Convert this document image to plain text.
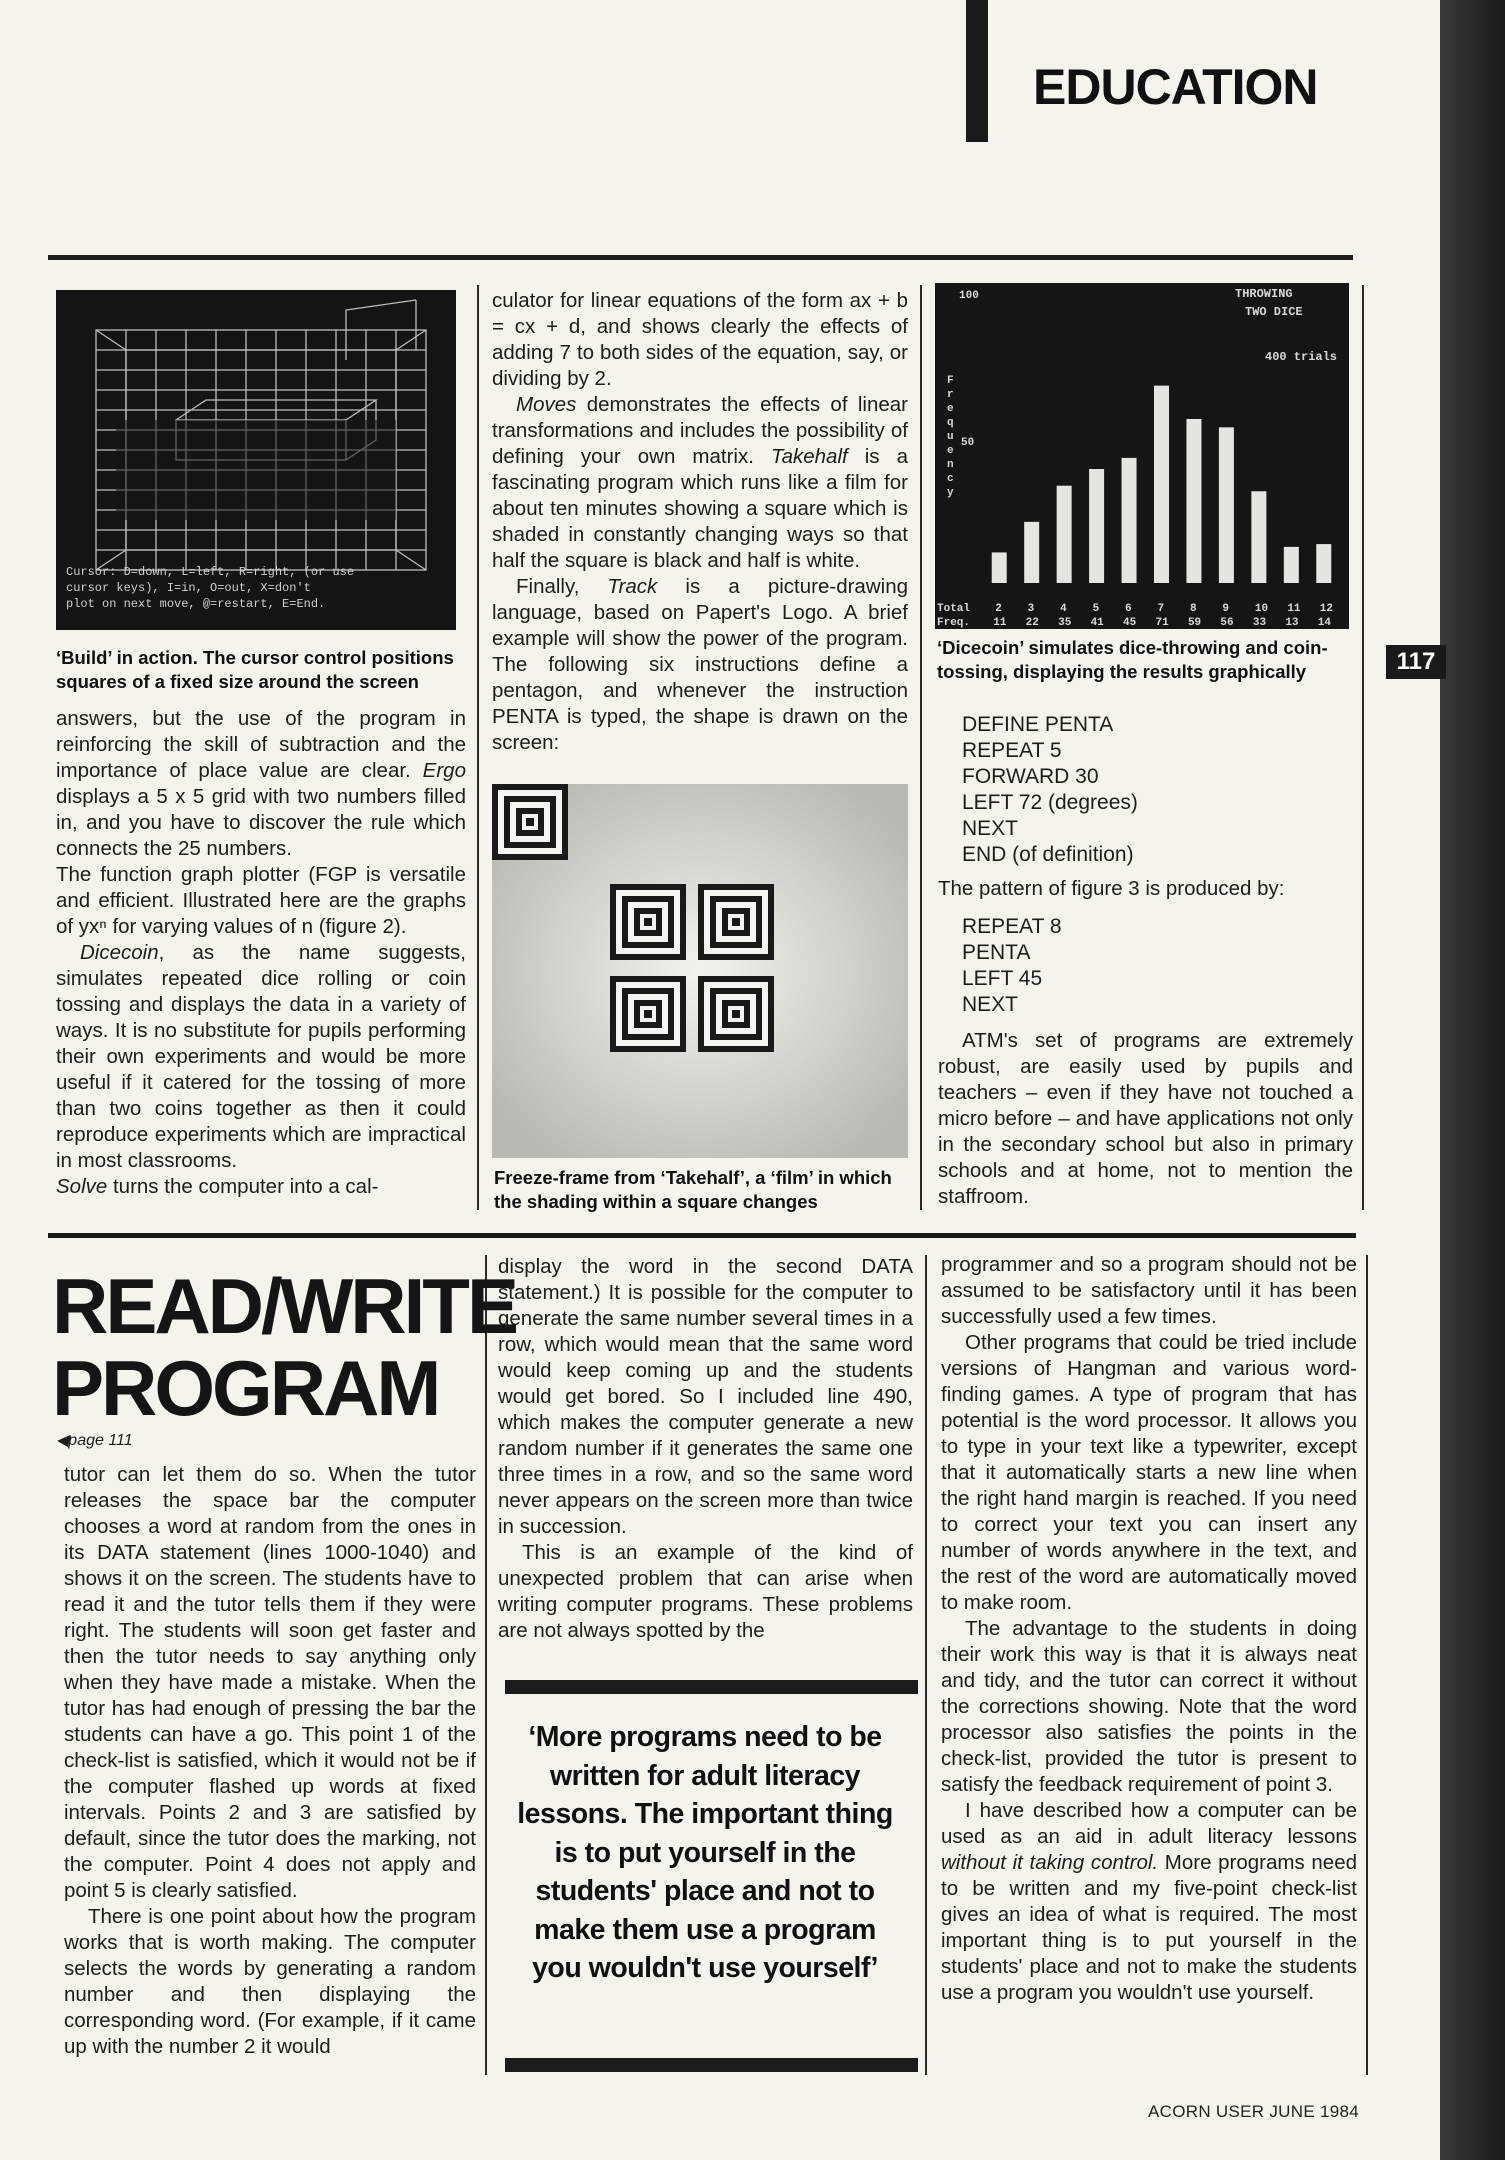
EDUCATION
Cursor: D=down, L=left, R=right, (or use
cursor keys), I=in, O=out, X=don't
plot on next move, @=restart, E=End.
‘Build’ in action. The cursor control positions squares of a fixed size around the screen

answers, but the use of the program in reinforcing the skill of subtraction and the importance of place value are clear. Ergo displays a 5 x 5 grid with two numbers filled in, and you have to discover the rule which connects the 25 numbers.

The function graph plotter (FGP is versatile and efficient. Illustrated here are the graphs of yxⁿ for varying values of n (figure 2).

Dicecoin, as the name suggests, simulates repeated dice rolling or coin tossing and displays the data in a variety of ways. It is no substitute for pupils performing their own experiments and would be more useful if it catered for the tossing of more than two coins together as then it could reproduce experiments which are impractical in most classrooms.

Solve turns the computer into a cal-

culator for linear equations of the form ax + b = cx + d, and shows clearly the effects of adding 7 to both sides of the equation, say, or dividing by 2.

Moves demonstrates the effects of linear transformations and includes the possibility of defining your own matrix. Takehalf is a fascinating program which runs like a film for about ten minutes showing a square which is shaded in constantly changing ways so that half the square is black and half is white.

Finally, Track is a picture-drawing language, based on Papert's Logo. A brief example will show the power of the program. The following six instructions define a pentagon, and whenever the instruction PENTA is typed, the shape is drawn on the screen:

Freeze-frame from ‘Takehalf’, a ‘film’ in which the shading within a square changes
THROWING
TWO DICE
400 trials
100
50
F r e q u e n c y
Total
Freq.
2
11
3
22
4
35
5
41
6
45
7
71
8
59
9
56
10
33
11
13
12
14
‘Dicecoin’ simulates dice-throwing and coin-tossing, displaying the results graphically
DEFINE PENTA
REPEAT 5
FORWARD 30
LEFT 72 (degrees)
NEXT
END (of definition)
The pattern of figure 3 is produced by:
REPEAT 8
PENTA
LEFT 45
NEXT

ATM's set of programs are extremely robust, are easily used by pupils and teachers – even if they have not touched a micro before – and have applications not only in the secondary school but also in primary schools and at home, not to mention the staffroom.

117
READ/WRITE
PROGRAM
◀page 111

tutor can let them do so. When the tutor releases the space bar the computer chooses a word at random from the ones in its DATA statement (lines 1000-1040) and shows it on the screen. The students have to read it and the tutor tells them if they were right. The students will soon get faster and then the tutor needs to say anything only when they have made a mistake. When the tutor has had enough of pressing the bar the students can have a go. This point 1 of the check-list is satisfied, which it would not be if the computer flashed up words at fixed intervals. Points 2 and 3 are satisfied by default, since the tutor does the marking, not the computer. Point 4 does not apply and point 5 is clearly satisfied.

There is one point about how the program works that is worth making. The computer selects the words by generating a random number and then displaying the corresponding word. (For example, if it came up with the number 2 it would

display the word in the second DATA statement.) It is possible for the computer to generate the same number several times in a row, which would mean that the same word would keep coming up and the students would get bored. So I included line 490, which makes the computer generate a new random number if it generates the same one three times in a row, and so the same word never appears on the screen more than twice in succession.

This is an example of the kind of unexpected problem that can arise when writing computer programs. These problems are not always spotted by the

‘More programs need to be written for adult literacy lessons. The important thing is to put yourself in the students' place and not to make them use a program you wouldn't use yourself’

programmer and so a program should not be assumed to be satisfactory until it has been successfully used a few times.

Other programs that could be tried include versions of Hangman and various word-finding games. A type of program that has potential is the word processor. It allows you to type in your text like a typewriter, except that it automatically starts a new line when the right hand margin is reached. If you need to correct your text you can insert any number of words anywhere in the text, and the rest of the word are automatically moved to make room.

The advantage to the students in doing their work this way is that it is always neat and tidy, and the tutor can correct it without the corrections showing. Note that the word processor also satisfies the points in the check-list, provided the tutor is present to satisfy the feedback requirement of point 3.

I have described how a computer can be used as an aid in adult literacy lessons without it taking control. More programs need to be written and my five-point check-list gives an idea of what is required. The most important thing is to put yourself in the students' place and not to make the students use a program you wouldn't use yourself.

ACORN USER JUNE 1984
